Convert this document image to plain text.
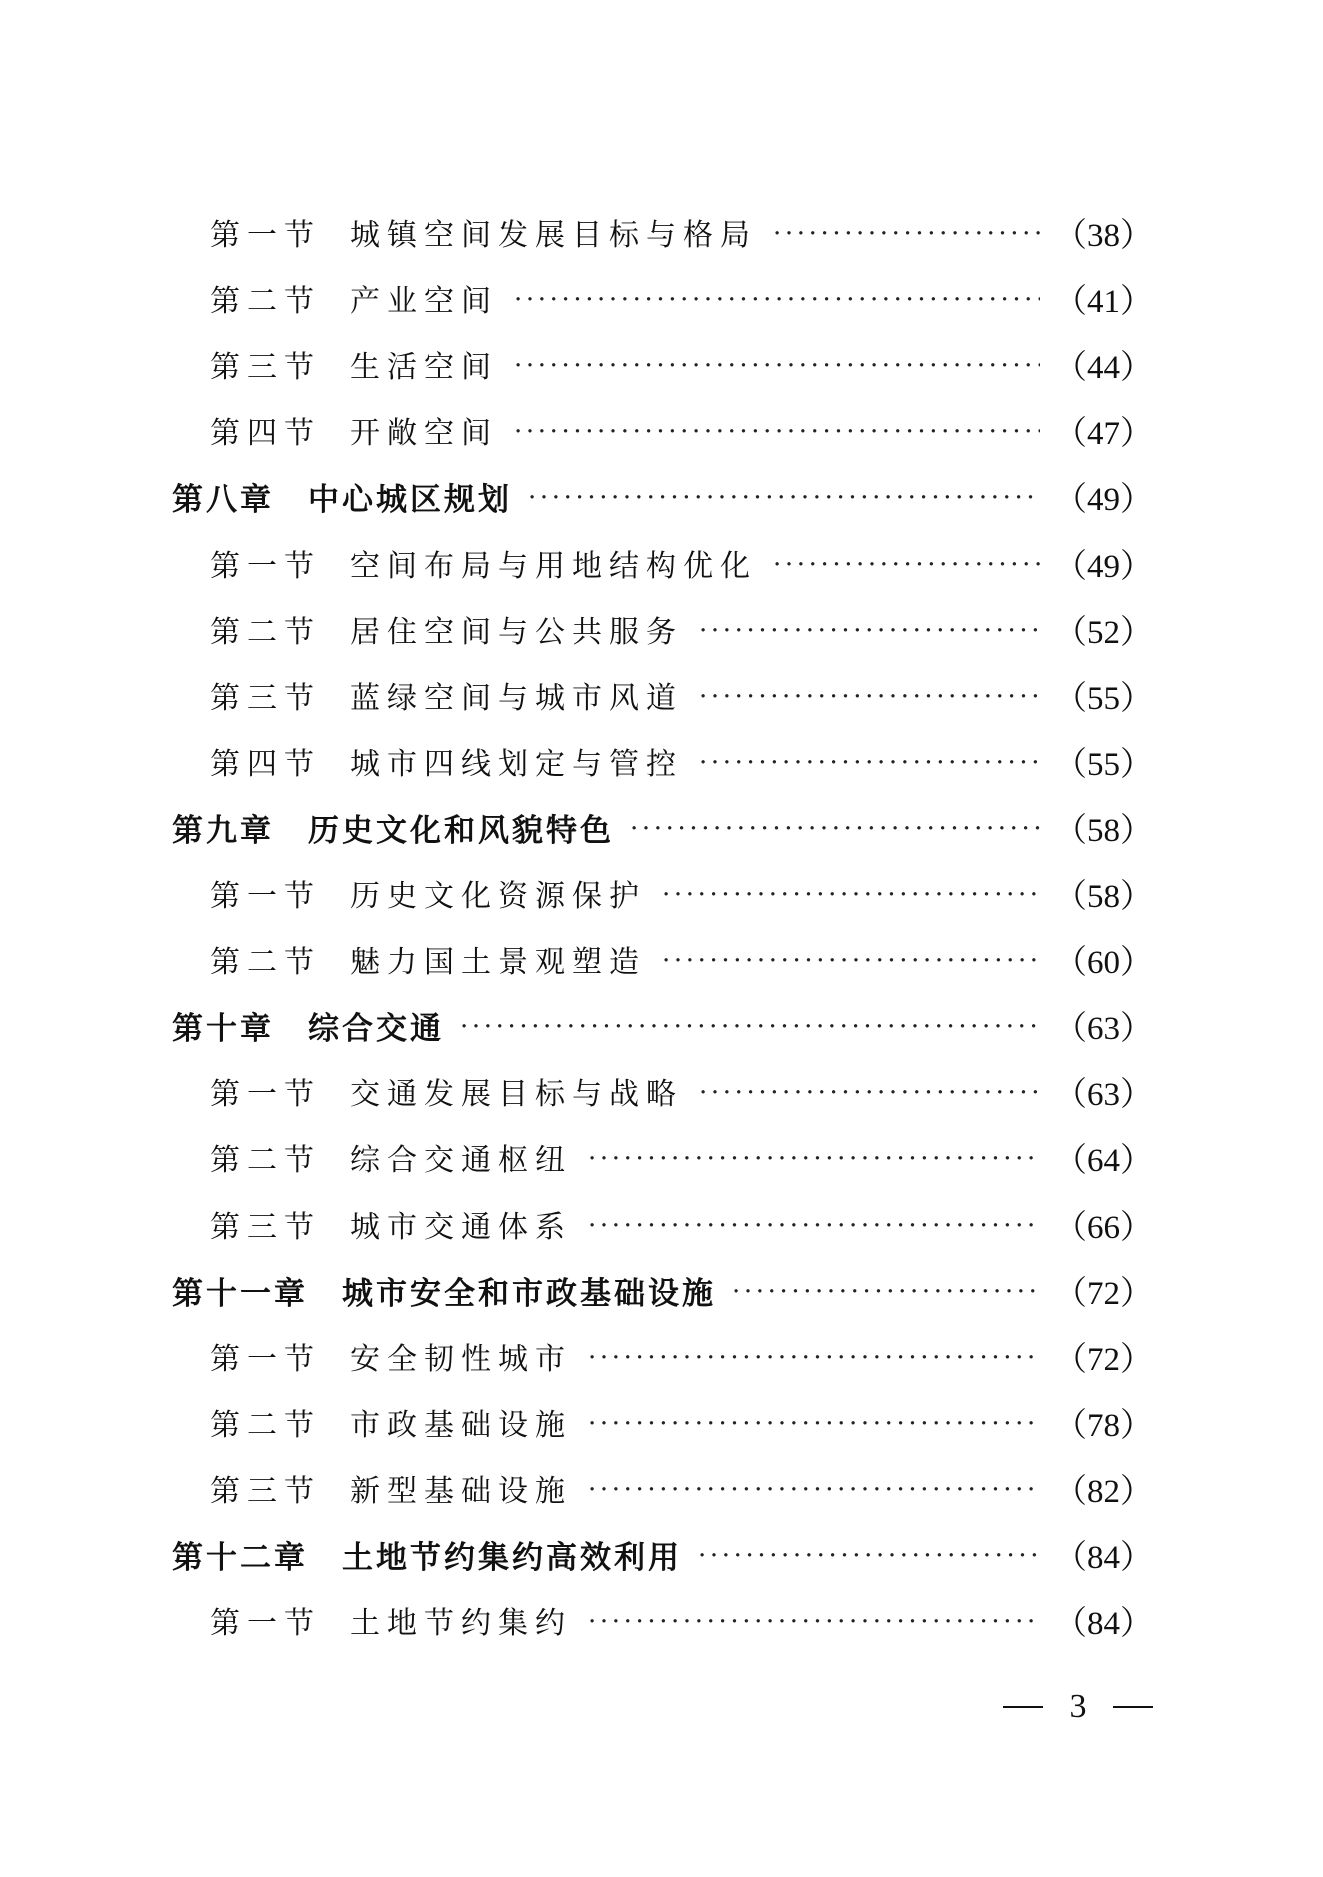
第一节 城镇空间发展目标与格局 ·····	（38）
第二节 产业空间 ·····	（41）
第三节 生活空间 ·····	（44）
第四节 开敞空间 ·····	（47）
第八章 中心城区规划 ·····	（49）
第一节 空间布局与用地结构优化 ·····	（49）
第二节 居住空间与公共服务 ·····	（52）
第三节 蓝绿空间与城市风道 ·····	（55）
第四节 城市四线划定与管控 ·····	（55）
第九章 历史文化和风貌特色 ·····	（58）
第一节 历史文化资源保护 ·····	（58）
第二节 魅力国土景观塑造 ·····	（60）
第十章 综合交通 ·····	（63）
第一节 交通发展目标与战略 ·····	（63）
第二节 综合交通枢纽 ·····	（64）
第三节 城市交通体系 ·····	（66）
第十一章 城市安全和市政基础设施 ·····	（72）
第一节 安全韧性城市 ·····	（72）
第二节 市政基础设施 ·····	（78）
第三节 新型基础设施 ·····	（82）
第十二章 土地节约集约高效利用 ·····	（84）
第一节 土地节约集约 ·····	（84）
3
